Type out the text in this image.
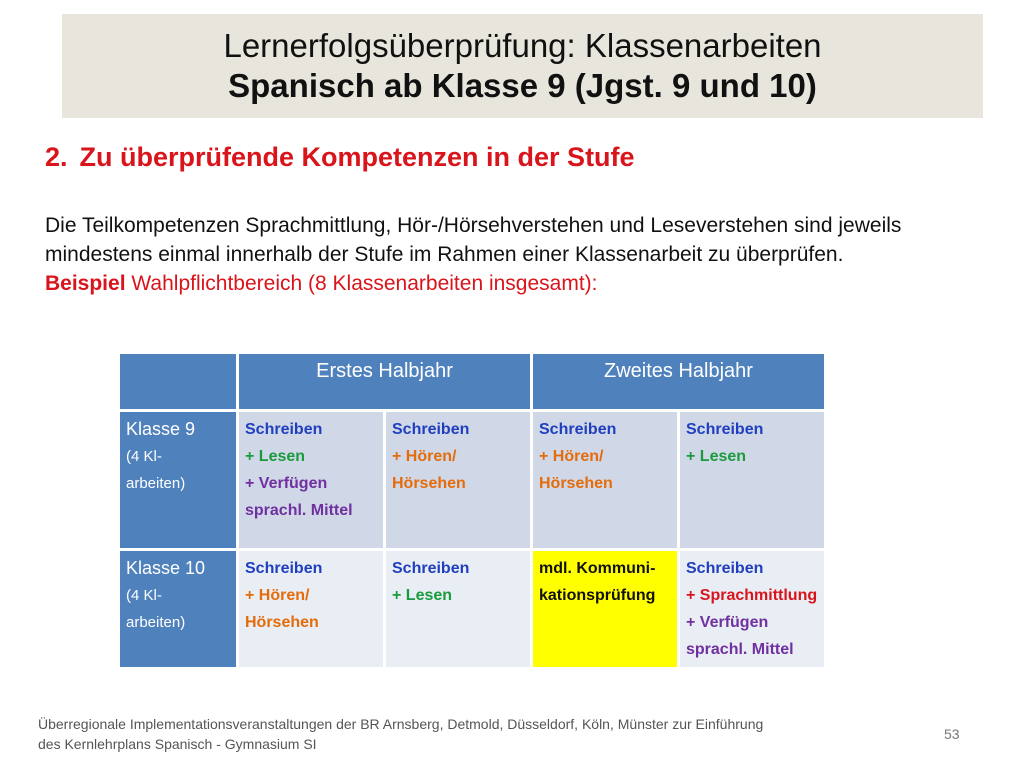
Lernerfolgsüberprüfung: Klassenarbeiten
Spanisch ab Klasse 9 (Jgst. 9 und 10)
2. Zu überprüfende Kompetenzen in der Stufe
Die Teilkompetenzen Sprachmittlung, Hör-/Hörsehverstehen und Leseverstehen sind jeweils
mindestens einmal innerhalb der Stufe im Rahmen einer Klassenarbeit zu überprüfen.
Beispiel Wahlpflichtbereich (8 Klassenarbeiten insgesamt):
	Erstes Halbjahr		Zweites Halbjahr	

Klasse 9
(4 Kl-
arbeiten)	Schreiben
+ Lesen
+ Verfügen
sprachl. Mittel	Schreiben
+ Hören/
Hörsehen	Schreiben
+ Hören/
Hörsehen	Schreiben
+ Lesen

Klasse 10
(4 Kl-
arbeiten)	Schreiben
+ Hören/
Hörsehen	Schreiben
+ Lesen	mdl. Kommuni-
kationsprüfung	Schreiben
+ Sprachmittlung
+ Verfügen
sprachl. Mittel
Überregionale Implementationsveranstaltungen der BR Arnsberg, Detmold, Düsseldorf, Köln, Münster zur Einführung
des Kernlehrplans Spanisch - Gymnasium SI
53
